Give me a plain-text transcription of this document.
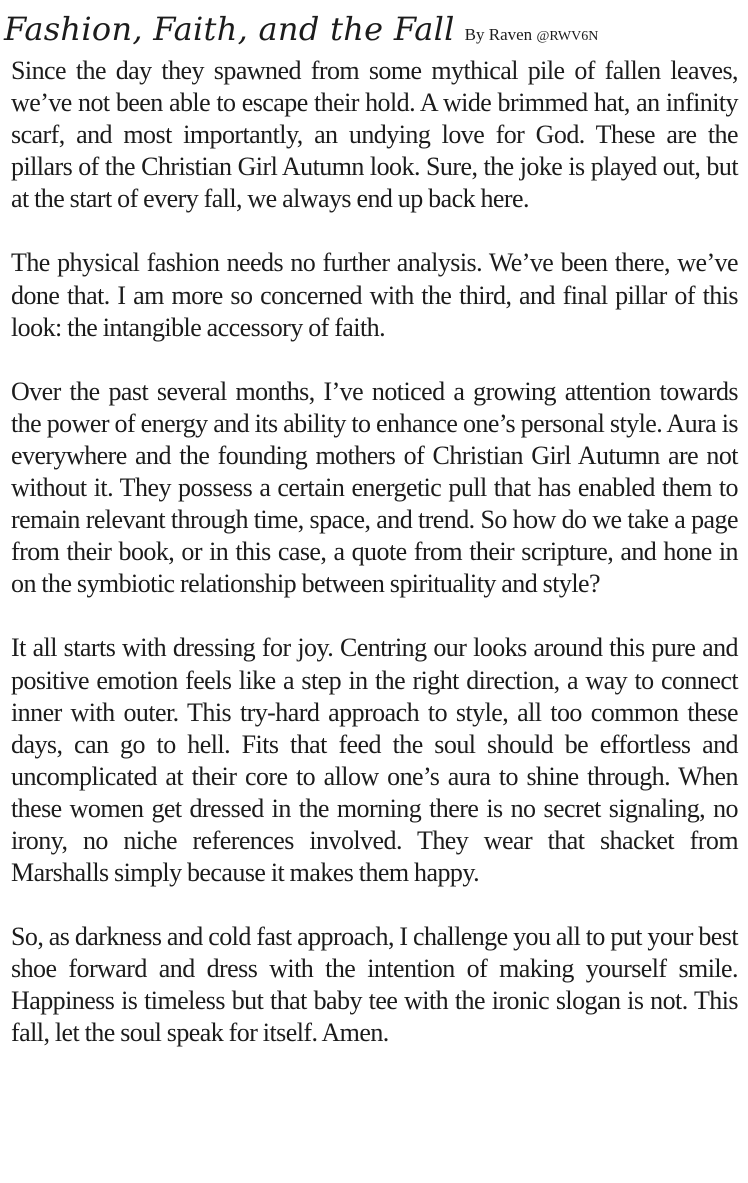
Fashion, Faith, and the Fall By Raven @RWV6N

Since the day they spawned from some mythical pile of fallen leaves, we’ve not been able to escape their hold. A wide brimmed hat, an infinity scarf, and most importantly, an undying love for God. These are the pillars of the Christian Girl Autumn look. Sure, the joke is played out, but at the start of every fall, we always end up back here.

The physical fashion needs no further analysis. We’ve been there, we’ve done that. I am more so concerned with the third, and final pillar of this look: the intangible accessory of faith.

Over the past several months, I’ve noticed a growing attention towards the power of energy and its ability to enhance one’s personal style. Aura is everywhere and the founding mothers of Christian Girl Autumn are not without it. They possess a certain energetic pull that has enabled them to remain relevant through time, space, and trend. So how do we take a page from their book, or in this case, a quote from their scripture, and hone in on the symbiotic relationship between spirituality and style?

It all starts with dressing for joy. Centring our looks around this pure and positive emotion feels like a step in the right direction, a way to connect inner with outer. This try-hard approach to style, all too common these days, can go to hell. Fits that feed the soul should be effortless and uncomplicated at their core to allow one’s aura to shine through. When these women get dressed in the morning there is no secret signaling, no irony, no niche references involved. They wear that shacket from Marshalls simply because it makes them happy.

So, as darkness and cold fast approach, I challenge you all to put your best shoe forward and dress with the intention of making yourself smile. Happiness is timeless but that baby tee with the ironic slogan is not. This fall, let the soul speak for itself. Amen.
